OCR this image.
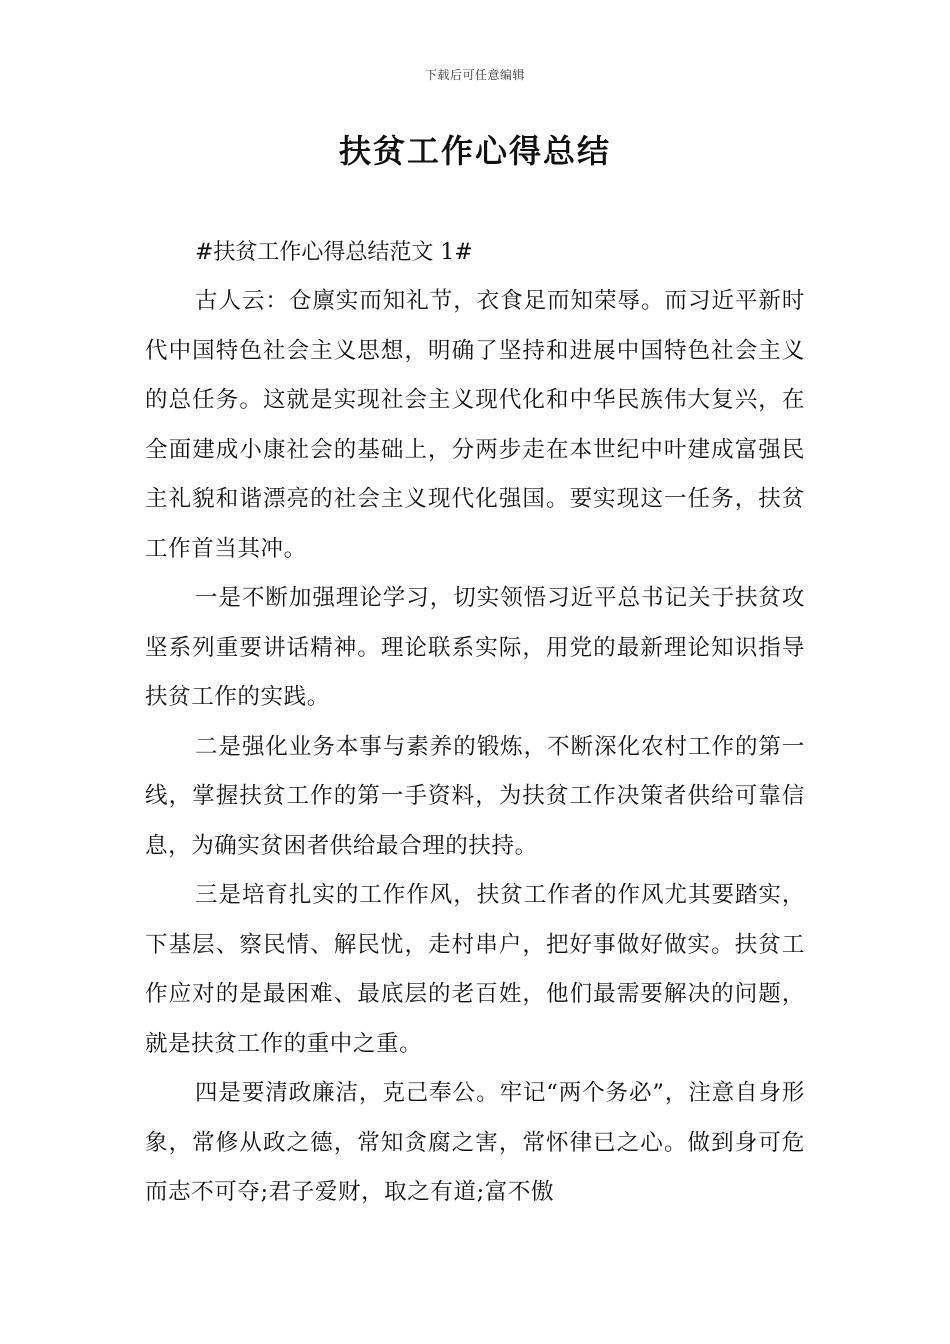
下载后可任意编辑
扶贫工作心得总结

#扶贫工作心得总结范文 1#

古人云：仓廪实而知礼节，衣食足而知荣辱。而习近平新时代中国特色社会主义思想，明确了坚持和进展中国特色社会主义的总任务。这就是实现社会主义现代化和中华民族伟大复兴，在全面建成小康社会的基础上，分两步走在本世纪中叶建成富强民主礼貌和谐漂亮的社会主义现代化强国。要实现这一任务，扶贫工作首当其冲。

一是不断加强理论学习，切实领悟习近平总书记关于扶贫攻坚系列重要讲话精神。理论联系实际，用党的最新理论知识指导扶贫工作的实践。

二是强化业务本事与素养的锻炼，不断深化农村工作的第一线，掌握扶贫工作的第一手资料，为扶贫工作决策者供给可靠信息，为确实贫困者供给最合理的扶持。

三是培育扎实的工作作风，扶贫工作者的作风尤其要踏实，下基层、察民情、解民忧，走村串户，把好事做好做实。扶贫工作应对的是最困难、最底层的老百姓，他们最需要解决的问题，就是扶贫工作的重中之重。

四是要清政廉洁，克己奉公。牢记“两个务必”，注意自身形象，常修从政之德，常知贪腐之害，常怀律已之心。做到身可危而志不可夺;君子爱财，取之有道;富不傲
